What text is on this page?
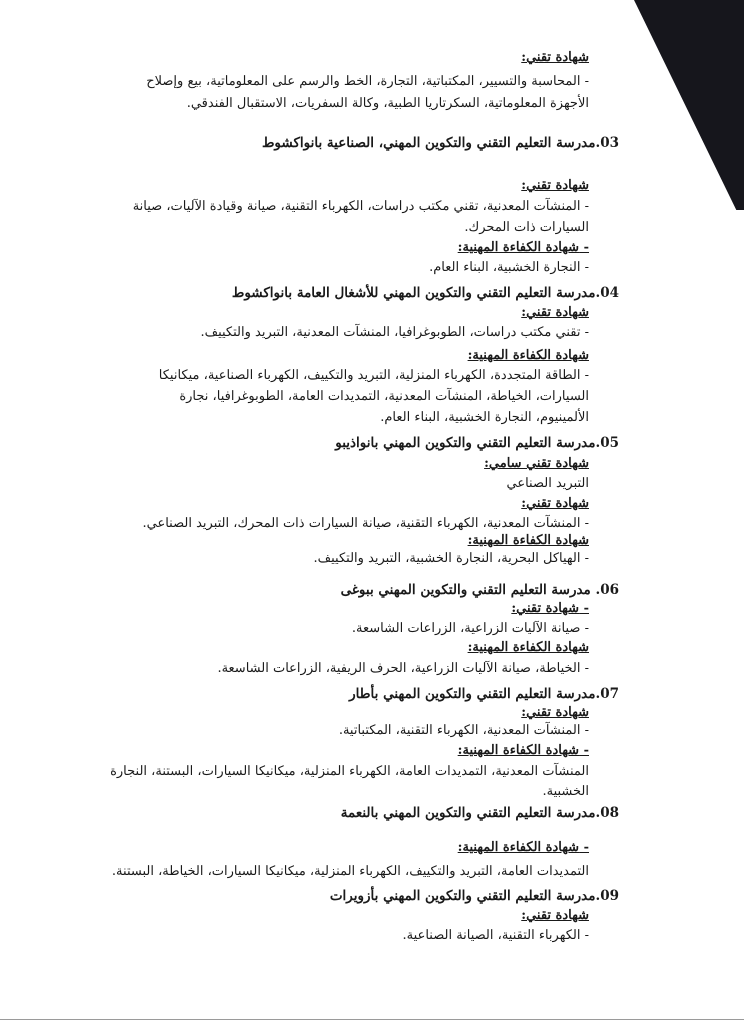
شهادة تقني:
- المحاسبة والتسيير، المكتباتية، التجارة، الخط والرسم على المعلوماتية، بيع وإصلاح
الأجهزة المعلوماتية، السكرتاريا الطبية، وكالة السفريات، الاستقبال الفندقي.
03.مدرسة التعليم التقني والتكوين المهني، الصناعية بانواكشوط
شهادة تقني:
- المنشآت المعدنية، تقني مكتب دراسات، الكهرباء التقنية، صيانة وقيادة الآليات، صيانة
السيارات ذات المحرك.
- شهادة الكفاءة المهنية:
- النجارة الخشبية، البناء العام.
04.مدرسة التعليم التقني والتكوين المهني للأشغال العامة بانواكشوط
شهادة تقني:
- تقني مكتب دراسات، الطوبوغرافيا، المنشآت المعدنية، التبريد والتكييف.
شهادة الكفاءة المهنية:
- الطاقة المتجددة، الكهرباء المنزلية، التبريد والتكييف، الكهرباء الصناعية، ميكانيكا
السيارات، الخياطة، المنشآت المعدنية، التمديدات العامة، الطوبوغرافيا، نجارة
الألمينيوم، النجارة الخشبية، البناء العام.
05.مدرسة التعليم التقني والتكوين المهني بانواذيبو
شهادة تقني سامي:
التبريد الصناعي
شهادة تقني:
- المنشآت المعدنية، الكهرباء التقنية، صيانة السيارات ذات المحرك، التبريد الصناعي.
شهادة الكفاءة المهنية:
- الهياكل البحرية، النجارة الخشبية، التبريد والتكييف.
06. مدرسة التعليم التقني والتكوين المهني ببوغى
- شهادة تقني:
- صيانة الآليات الزراعية، الزراعات الشاسعة.
شهادة الكفاءة المهنية:
- الخياطة، صيانة الآليات الزراعية، الحرف الريفية، الزراعات الشاسعة.
07.مدرسة التعليم التقني والتكوين المهني بأطار
شهادة تقني:
- المنشآت المعدنية، الكهرباء التقنية، المكتباتية.
- شهادة الكفاءة المهنية:
المنشآت المعدنية، التمديدات العامة، الكهرباء المنزلية، ميكانيكا السيارات، البستنة، النجارة
الخشبية.
08.مدرسة التعليم التقني والتكوين المهني بالنعمة
- شهادة الكفاءة المهنية:
التمديدات العامة، التبريد والتكييف، الكهرباء المنزلية، ميكانيكا السيارات، الخياطة، البستنة.
09.مدرسة التعليم التقني والتكوين المهني بأزويرات
شهادة تقني:
- الكهرباء التقنية، الصيانة الصناعية.
